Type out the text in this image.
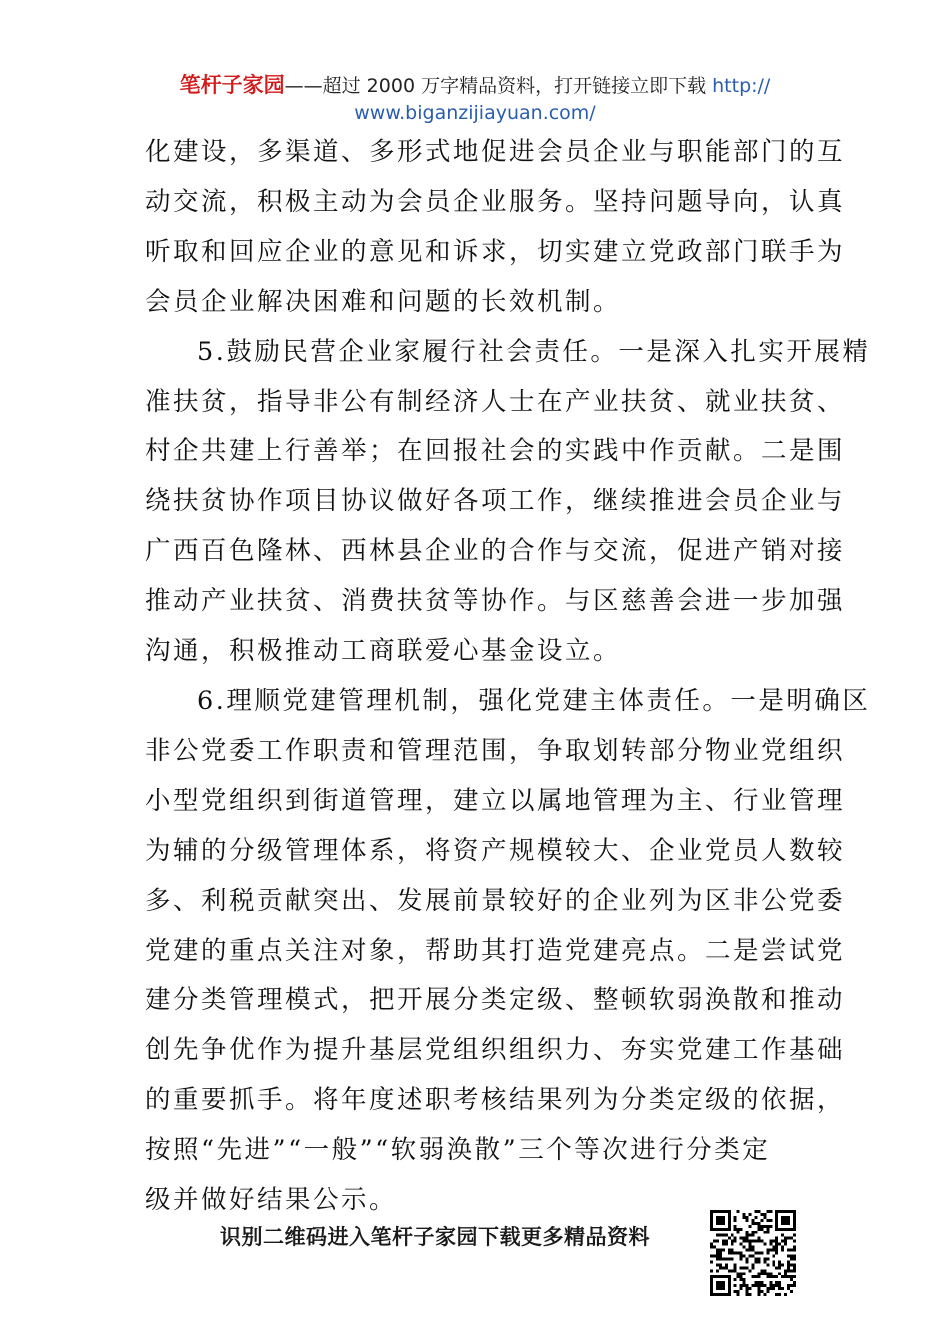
笔杆子家园——超过 2000 万字精品资料，打开链接立即下载 http://
www.biganzijiayuan.com/
化建设，多渠道、多形式地促进会员企业与职能部门的互
动交流，积极主动为会员企业服务。坚持问题导向，认真
听取和回应企业的意见和诉求，切实建立党政部门联手为
会员企业解决困难和问题的长效机制。
5.鼓励民营企业家履行社会责任。一是深入扎实开展精
准扶贫，指导非公有制经济人士在产业扶贫、就业扶贫、
村企共建上行善举；在回报社会的实践中作贡献。二是围
绕扶贫协作项目协议做好各项工作，继续推进会员企业与
广西百色隆林、西林县企业的合作与交流，促进产销对接
推动产业扶贫、消费扶贫等协作。与区慈善会进一步加强
沟通，积极推动工商联爱心基金设立。
6.理顺党建管理机制，强化党建主体责任。一是明确区
非公党委工作职责和管理范围，争取划转部分物业党组织
小型党组织到街道管理，建立以属地管理为主、行业管理
为辅的分级管理体系，将资产规模较大、企业党员人数较
多、利税贡献突出、发展前景较好的企业列为区非公党委
党建的重点关注对象，帮助其打造党建亮点。二是尝试党
建分类管理模式，把开展分类定级、整顿软弱涣散和推动
创先争优作为提升基层党组织组织力、夯实党建工作基础
的重要抓手。将年度述职考核结果列为分类定级的依据，
按照“先进”“一般”“软弱涣散”三个等次进行分类定
级并做好结果公示。
识别二维码进入笔杆子家园下载更多精品资料
